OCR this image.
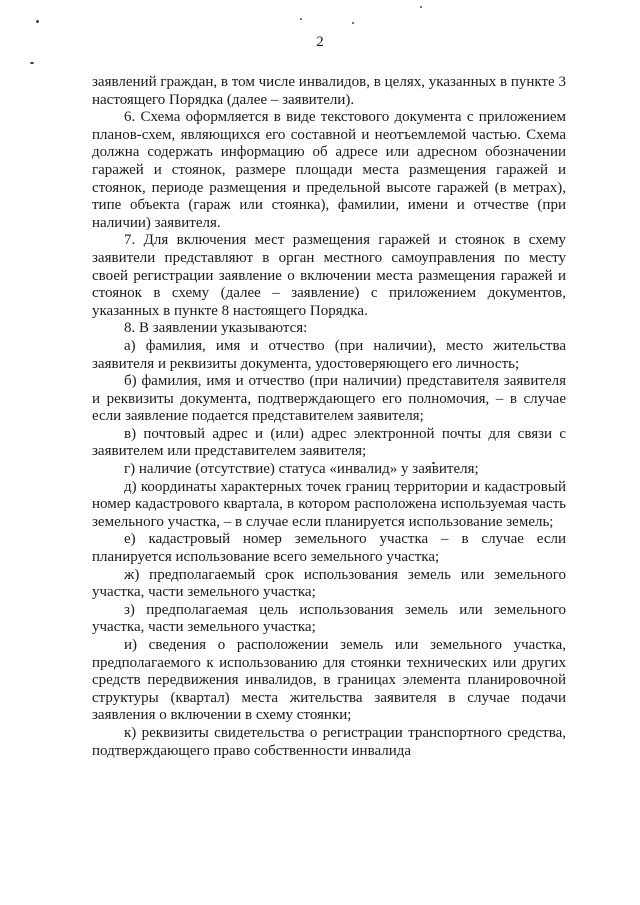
2

заявлений граждан, в том числе инвалидов, в целях, указанных в пункте 3 настоящего Порядка (далее – заявители).

6. Схема оформляется в виде текстового документа с приложением планов-схем, являющихся его составной и неотъемлемой частью. Схема должна содержать информацию об адресе или адресном обозначении гаражей и стоянок, размере площади места размещения гаражей и стоянок, периоде размещения и предельной высоте гаражей (в метрах), типе объекта (гараж или стоянка), фамилии, имени и отчестве (при наличии) заявителя.

7. Для включения мест размещения гаражей и стоянок в схему заявители представляют в орган местного самоуправления по месту своей регистрации заявление о включении места размещения гаражей и стоянок в схему (далее – заявление) с приложением документов, указанных в пункте 8 настоящего Порядка.

8. В заявлении указываются:

а) фамилия, имя и отчество (при наличии), место жительства заявителя и реквизиты документа, удостоверяющего его личность;

б) фамилия, имя и отчество (при наличии) представителя заявителя и реквизиты документа, подтверждающего его полномочия, – в случае если заявление подается представителем заявителя;

в) почтовый адрес и (или) адрес электронной почты для связи с заявителем или представителем заявителя;

г) наличие (отсутствие) статуса «инвалид» у заявителя;

д) координаты характерных точек границ территории и кадастровый номер кадастрового квартала, в котором расположена используемая часть земельного участка, – в случае если планируется использование земель;

е) кадастровый номер земельного участка – в случае если планируется использование всего земельного участка;

ж) предполагаемый срок использования земель или земельного участка, части земельного участка;

з) предполагаемая цель использования земель или земельного участка, части земельного участка;

и) сведения о расположении земель или земельного участка, предполагаемого к использованию для стоянки технических или других средств передвижения инвалидов, в границах элемента планировочной структуры (квартал) места жительства заявителя в случае подачи заявления о включении в схему стоянки;

к) реквизиты свидетельства о регистрации транспортного средства, подтверждающего право собственности инвалида
